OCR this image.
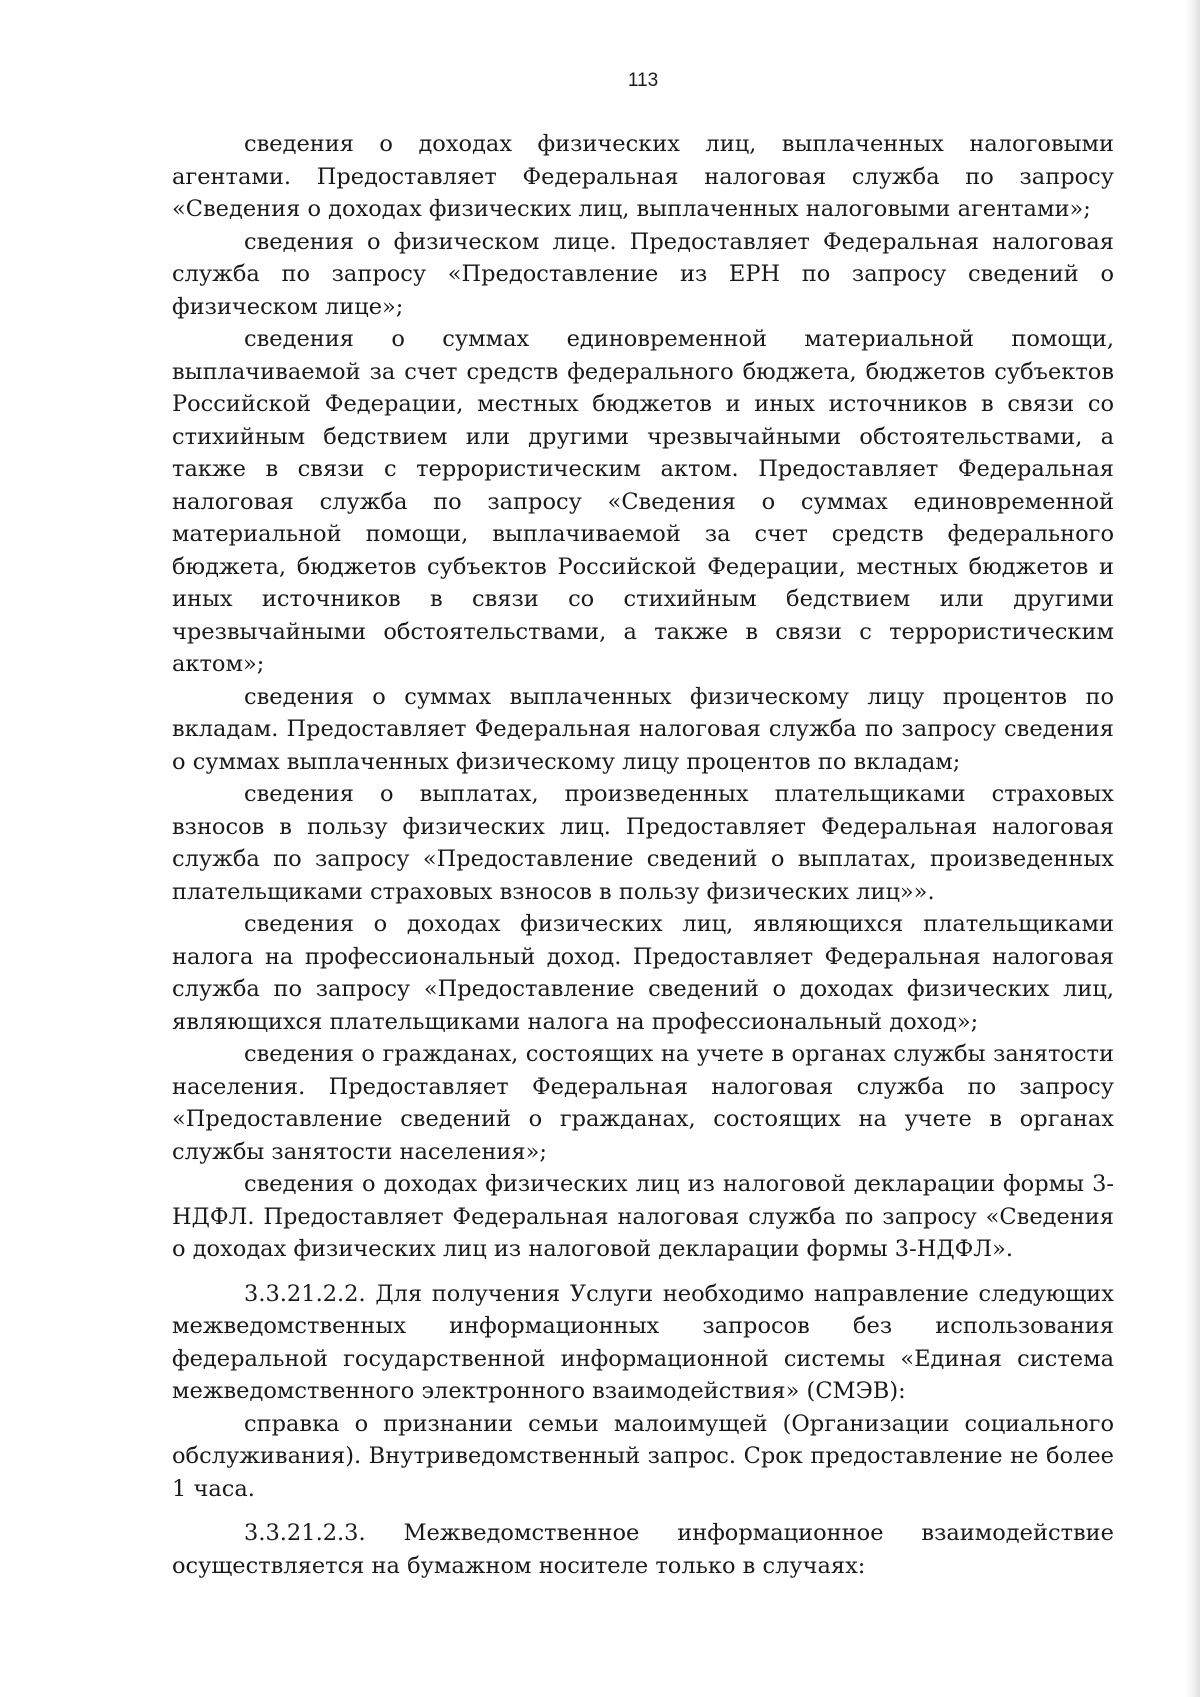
113

сведения о доходах физических лиц, выплаченных налоговыми агентами. Предоставляет Федеральная налоговая служба по запросу «Сведения о доходах физических лиц, выплаченных налоговыми агентами»;

сведения о физическом лице. Предоставляет Федеральная налоговая служба по запросу «Предоставление из ЕРН по запросу сведений о физическом лице»;

сведения о суммах единовременной материальной помощи, выплачиваемой за счет средств федерального бюджета, бюджетов субъектов Российской Федерации, местных бюджетов и иных источников в связи со стихийным бедствием или другими чрезвычайными обстоятельствами, а также в связи с террористическим актом. Предоставляет Федеральная налоговая служба по запросу «Сведения о суммах единовременной материальной помощи, выплачиваемой за счет средств федерального бюджета, бюджетов субъектов Российской Федерации, местных бюджетов и иных источников в связи со стихийным бедствием или другими чрезвычайными обстоятельствами, а также в связи с террористическим актом»;

сведения о суммах выплаченных физическому лицу процентов по вкладам. Предоставляет Федеральная налоговая служба по запросу сведения о суммах выплаченных физическому лицу процентов по вкладам;

сведения о выплатах, произведенных плательщиками страховых взносов в пользу физических лиц. Предоставляет Федеральная налоговая служба по запросу «Предоставление сведений о выплатах, произведенных плательщиками страховых взносов в пользу физических лиц»».

сведения о доходах физических лиц, являющихся плательщиками налога на профессиональный доход. Предоставляет Федеральная налоговая служба по запросу «Предоставление сведений о доходах физических лиц, являющихся плательщиками налога на профессиональный доход»;

сведения о гражданах, состоящих на учете в органах службы занятости населения. Предоставляет Федеральная налоговая служба по запросу «Предоставление сведений о гражданах, состоящих на учете в органах службы занятости населения»;

сведения о доходах физических лиц из налоговой декларации формы 3-НДФЛ. Предоставляет Федеральная налоговая служба по запросу «Сведения о доходах физических лиц из налоговой декларации формы 3-НДФЛ».

3.3.21.2.2. Для получения Услуги необходимо направление следующих межведомственных информационных запросов без использования федеральной государственной информационной системы «Единая система межведомственного электронного взаимодействия» (СМЭВ):

справка о признании семьи малоимущей (Организации социального обслуживания). Внутриведомственный запрос. Срок предоставление не более 1 часа.

3.3.21.2.3. Межведомственное информационное взаимодействие осуществляется на бумажном носителе только в случаях:
